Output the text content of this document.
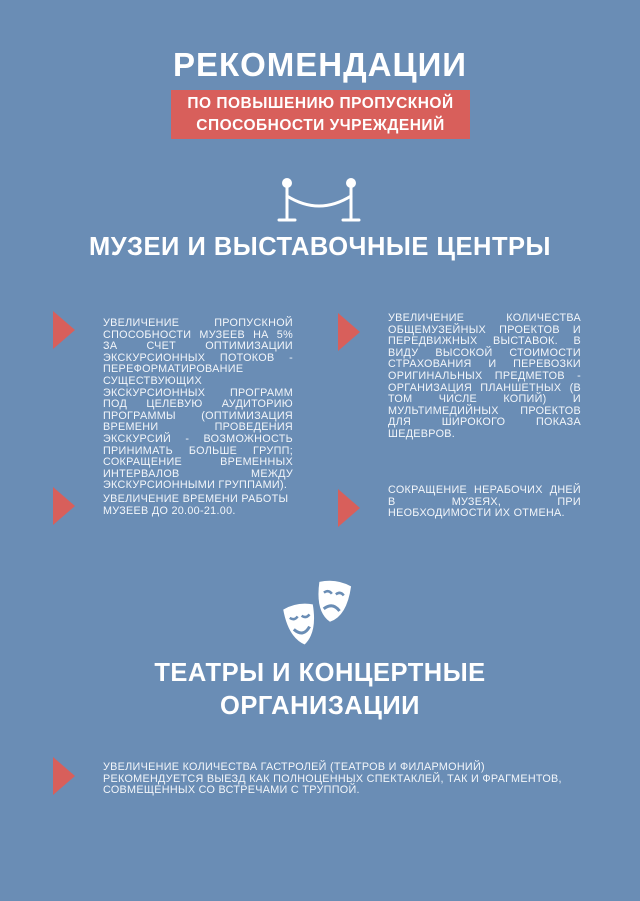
РЕКОМЕНДАЦИИ
ПО ПОВЫШЕНИЮ ПРОПУСКНОЙ
СПОСОБНОСТИ УЧРЕЖДЕНИЙ
МУЗЕИ И ВЫСТАВОЧНЫЕ ЦЕНТРЫ
УВЕЛИЧЕНИЕ ПРОПУСКНОЙ СПОСОБНОСТИ МУЗЕЕВ НА 5% ЗА СЧЕТ ОПТИМИЗАЦИИ ЭКСКУРСИОННЫХ ПОТОКОВ - ПЕРЕФОРМАТИРОВАНИЕ СУЩЕСТВУЮЩИХ ЭКСКУРСИОННЫХ ПРОГРАММ ПОД ЦЕЛЕВУЮ АУДИТОРИЮ ПРОГРАММЫ (ОПТИМИЗАЦИЯ ВРЕМЕНИ ПРОВЕДЕНИЯ ЭКСКУРСИЙ - ВОЗМОЖНОСТЬ ПРИНИМАТЬ БОЛЬШЕ ГРУПП; СОКРАЩЕНИЕ ВРЕМЕННЫХ ИНТЕРВАЛОВ МЕЖДУ ЭКСКУРСИОННЫМИ ГРУППАМИ).
УВЕЛИЧЕНИЕ КОЛИЧЕСТВА ОБЩЕМУЗЕЙНЫХ ПРОЕКТОВ И ПЕРЕДВИЖНЫХ ВЫСТАВОК. В ВИДУ ВЫСОКОЙ СТОИМОСТИ СТРАХОВАНИЯ И ПЕРЕВОЗКИ ОРИГИНАЛЬНЫХ ПРЕДМЕТОВ - ОРГАНИЗАЦИЯ ПЛАНШЕТНЫХ (В ТОМ ЧИСЛЕ КОПИЙ) И МУЛЬТИМЕДИЙНЫХ ПРОЕКТОВ ДЛЯ ШИРОКОГО ПОКАЗА ШЕДЕВРОВ.
УВЕЛИЧЕНИЕ ВРЕМЕНИ РАБОТЫ МУЗЕЕВ ДО 20.00-21.00.
СОКРАЩЕНИЕ НЕРАБОЧИХ ДНЕЙ В МУЗЕЯХ, ПРИ НЕОБХОДИМОСТИ ИХ ОТМЕНА.
ТЕАТРЫ И КОНЦЕРТНЫЕ
ОРГАНИЗАЦИИ
УВЕЛИЧЕНИЕ КОЛИЧЕСТВА ГАСТРОЛЕЙ (ТЕАТРОВ И ФИЛАРМОНИЙ)
РЕКОМЕНДУЕТСЯ ВЫЕЗД КАК ПОЛНОЦЕННЫХ СПЕКТАКЛЕЙ, ТАК И ФРАГМЕНТОВ, СОВМЕЩЕННЫХ СО ВСТРЕЧАМИ С ТРУППОЙ.
